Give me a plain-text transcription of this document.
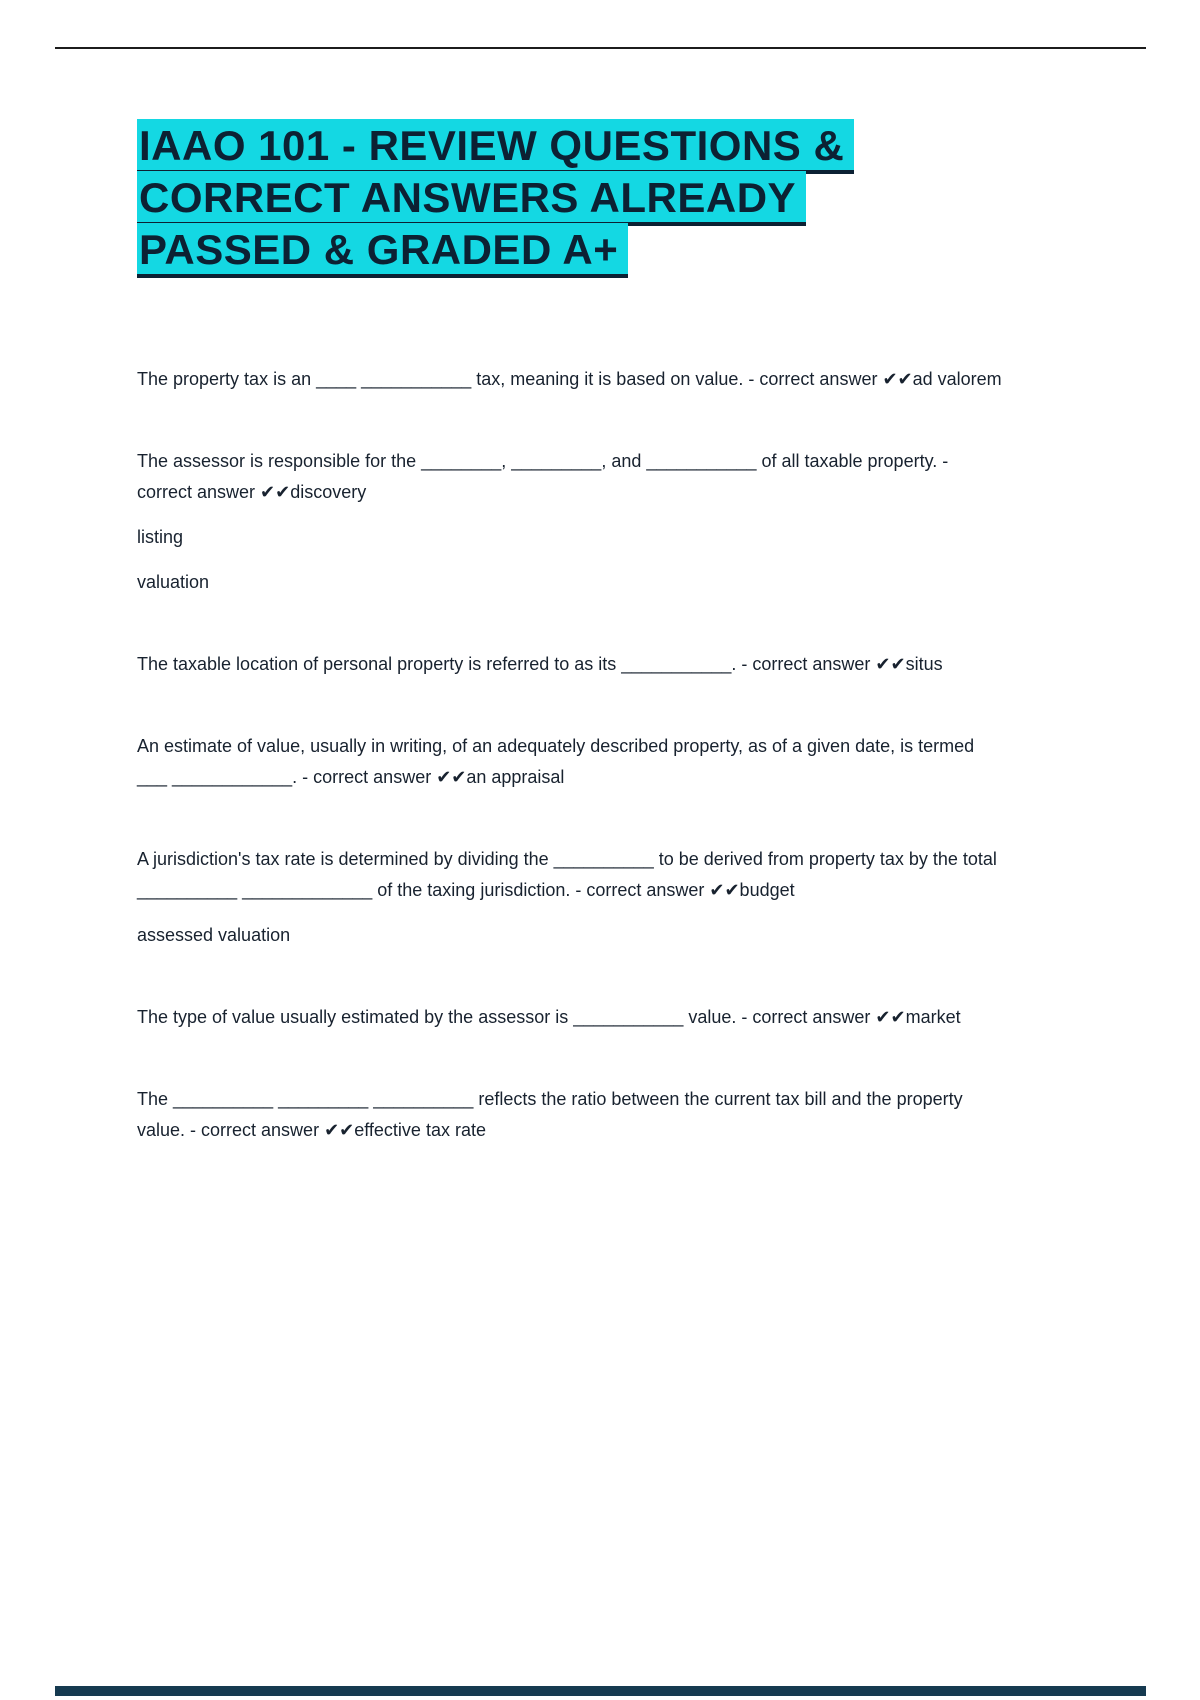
IAAO 101 - REVIEW QUESTIONS &
CORRECT ANSWERS ALREADY
PASSED & GRADED A+

The property tax is an ____ ___________ tax, meaning it is based on value. - correct answer ✔✔ad valorem

The assessor is responsible for the ________, _________, and ___________ of all taxable property. - correct answer ✔✔discovery

listing

valuation

The taxable location of personal property is referred to as its ___________. - correct answer ✔✔situs

An estimate of value, usually in writing, of an adequately described property, as of a given date, is termed ___ ____________. - correct answer ✔✔an appraisal

A jurisdiction's tax rate is determined by dividing the __________ to be derived from property tax by the total __________ _____________ of the taxing jurisdiction. - correct answer ✔✔budget

assessed valuation

The type of value usually estimated by the assessor is ___________ value. - correct answer ✔✔market

The __________ _________ __________ reflects the ratio between the current tax bill and the property value. - correct answer ✔✔effective tax rate
